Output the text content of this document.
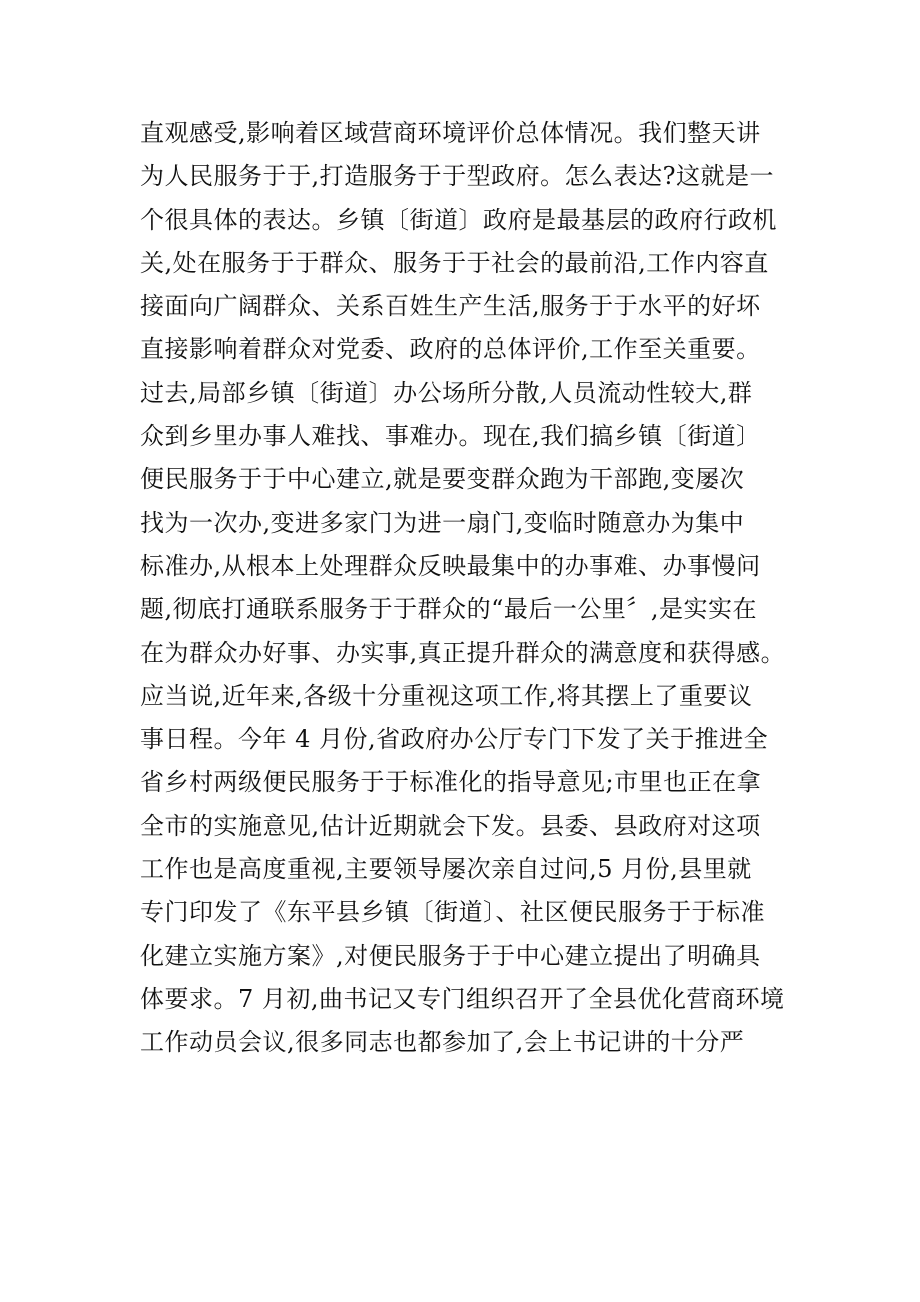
直观感受,影响着区域营商环境评价总体情况。我们整天讲
为人民服务于于,打造服务于于型政府。怎么表达?这就是一
个很具体的表达。乡镇〔街道〕政府是最基层的政府行政机
关,处在服务于于群众、服务于于社会的最前沿,工作内容直
接面向广阔群众、关系百姓生产生活,服务于于水平的好坏
直接影响着群众对党委、政府的总体评价,工作至关重要。
过去,局部乡镇〔街道〕办公场所分散,人员流动性较大,群
众到乡里办事人难找、事难办。现在,我们搞乡镇〔街道〕
便民服务于于中心建立,就是要变群众跑为干部跑,变屡次
找为一次办,变进多家门为进一扇门,变临时随意办为集中
标准办,从根本上处理群众反映最集中的办事难、办事慢问
题,彻底打通联系服务于于群众的“最后一公里〞,是实实在
在为群众办好事、办实事,真正提升群众的满意度和获得感。
应当说,近年来,各级十分重视这项工作,将其摆上了重要议
事日程。今年 4 月份,省政府办公厅专门下发了关于推进全
省乡村两级便民服务于于标准化的指导意见;市里也正在拿
全市的实施意见,估计近期就会下发。县委、县政府对这项
工作也是高度重视,主要领导屡次亲自过问,5 月份,县里就
专门印发了《东平县乡镇〔街道〕、社区便民服务于于标准
化建立实施方案》,对便民服务于于中心建立提出了明确具
体要求。7 月初,曲书记又专门组织召开了全县优化营商环境
工作动员会议,很多同志也都参加了,会上书记讲的十分严
